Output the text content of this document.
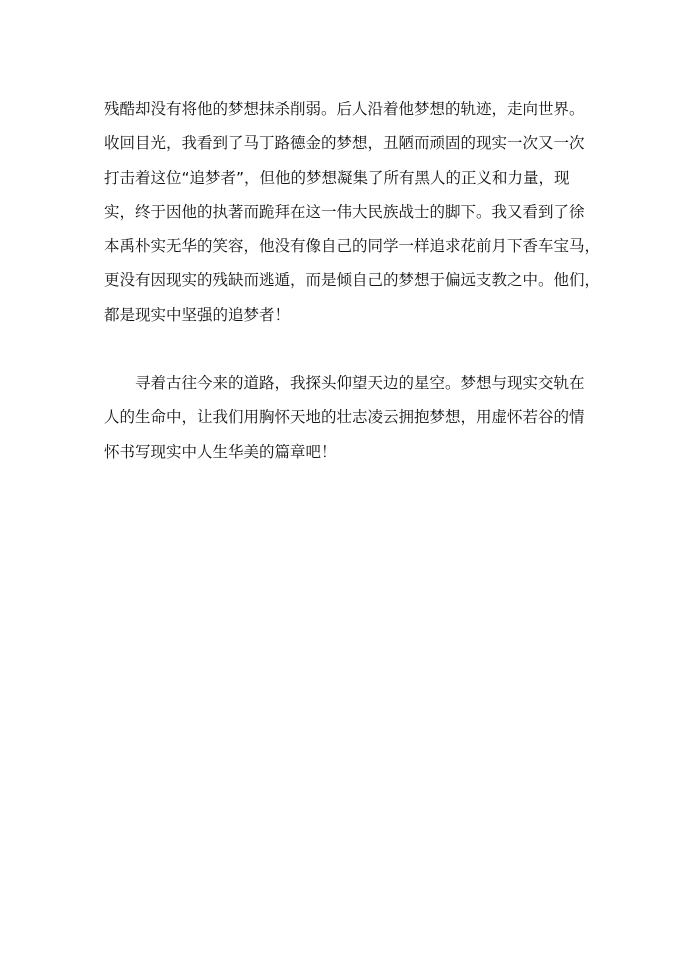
残酷却没有将他的梦想抹杀削弱。后人沿着他梦想的轨迹，走向世界。
收回目光，我看到了马丁路德金的梦想，丑陋而顽固的现实一次又一次
打击着这位“追梦者”，但他的梦想凝集了所有黑人的正义和力量，现
实，终于因他的执著而跪拜在这一伟大民族战士的脚下。我又看到了徐
本禹朴实无华的笑容，他没有像自己的同学一样追求花前月下香车宝马，
更没有因现实的残缺而逃遁，而是倾自己的梦想于偏远支教之中。他们，
都是现实中坚强的追梦者！
寻着古往今来的道路，我探头仰望天边的星空。梦想与现实交轨在
人的生命中，让我们用胸怀天地的壮志凌云拥抱梦想，用虚怀若谷的情
怀书写现实中人生华美的篇章吧！
